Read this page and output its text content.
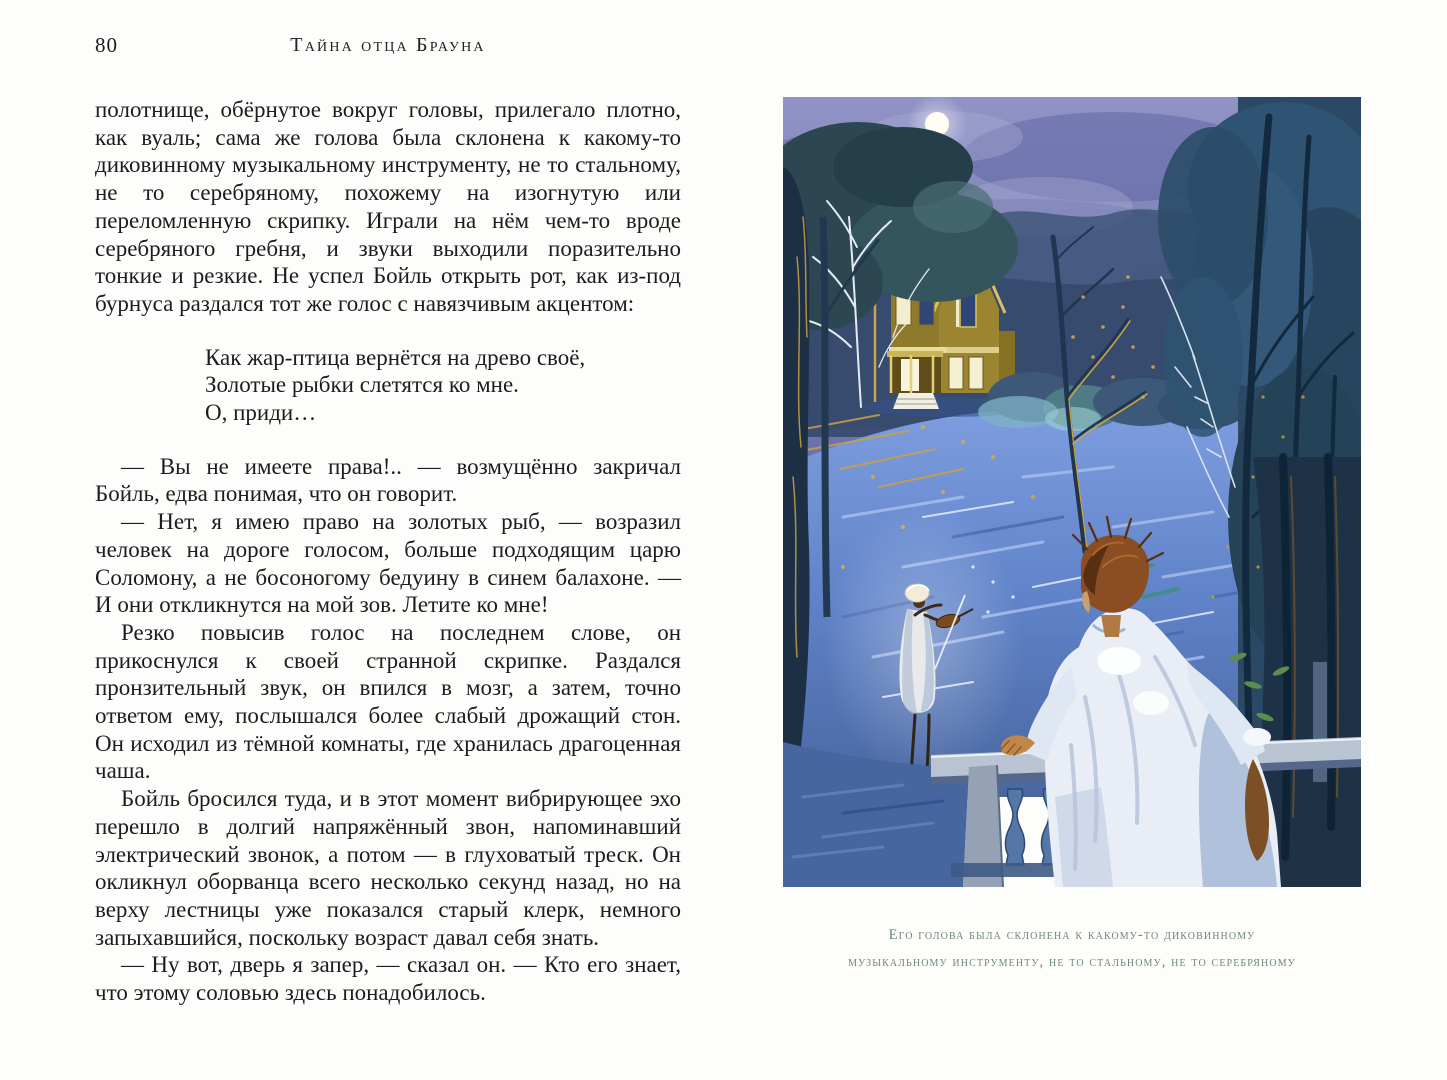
80	Тайна отца Брауна

полотнище, обёрнутое вокруг головы, прилегало плотно, как вуаль; сама же голова была склонена к какому-то диковинному музыкальному инструменту, не то стальному, не то серебряному, похожему на изогнутую или переломленную скрипку. Играли на нём чем-то вроде серебряного гребня, и звуки выходили поразительно тонкие и резкие. Не успел Бойль открыть рот, как из-под бурнуса раздался тот же голос с навязчивым акцентом:

Как жар-птица вернётся на древо своё,
Золотые рыбки слетятся ко мне.
О, приди…

— Вы не имеете права!.. — возмущённо закричал Бойль, едва понимая, что он говорит.

— Нет, я имею право на золотых рыб, — возразил человек на дороге голосом, больше подходящим царю Соломону, а не босоногому бедуину в синем балахоне. — И они откликнутся на мой зов. Летите ко мне!

Резко повысив голос на последнем слове, он прикоснулся к своей странной скрипке. Раздался пронзительный звук, он впился в мозг, а затем, точно ответом ему, послышался более слабый дрожащий стон. Он исходил из тёмной комнаты, где хранилась драгоценная чаша.

Бойль бросился туда, и в этот момент вибрирующее эхо перешло в долгий напряжённый звон, напоминавший электрический звонок, а потом — в глуховатый треск. Он окликнул оборванца всего несколько секунд назад, но на верху лестницы уже показался старый клерк, немного запыхавшийся, поскольку возраст давал себя знать.

— Ну вот, дверь я запер, — сказал он. — Кто его знает, что этому соловью здесь понадобилось.

Его голова была склонена к какому-то диковинному
музыкальному инструменту, не то стальному, не то серебряному
